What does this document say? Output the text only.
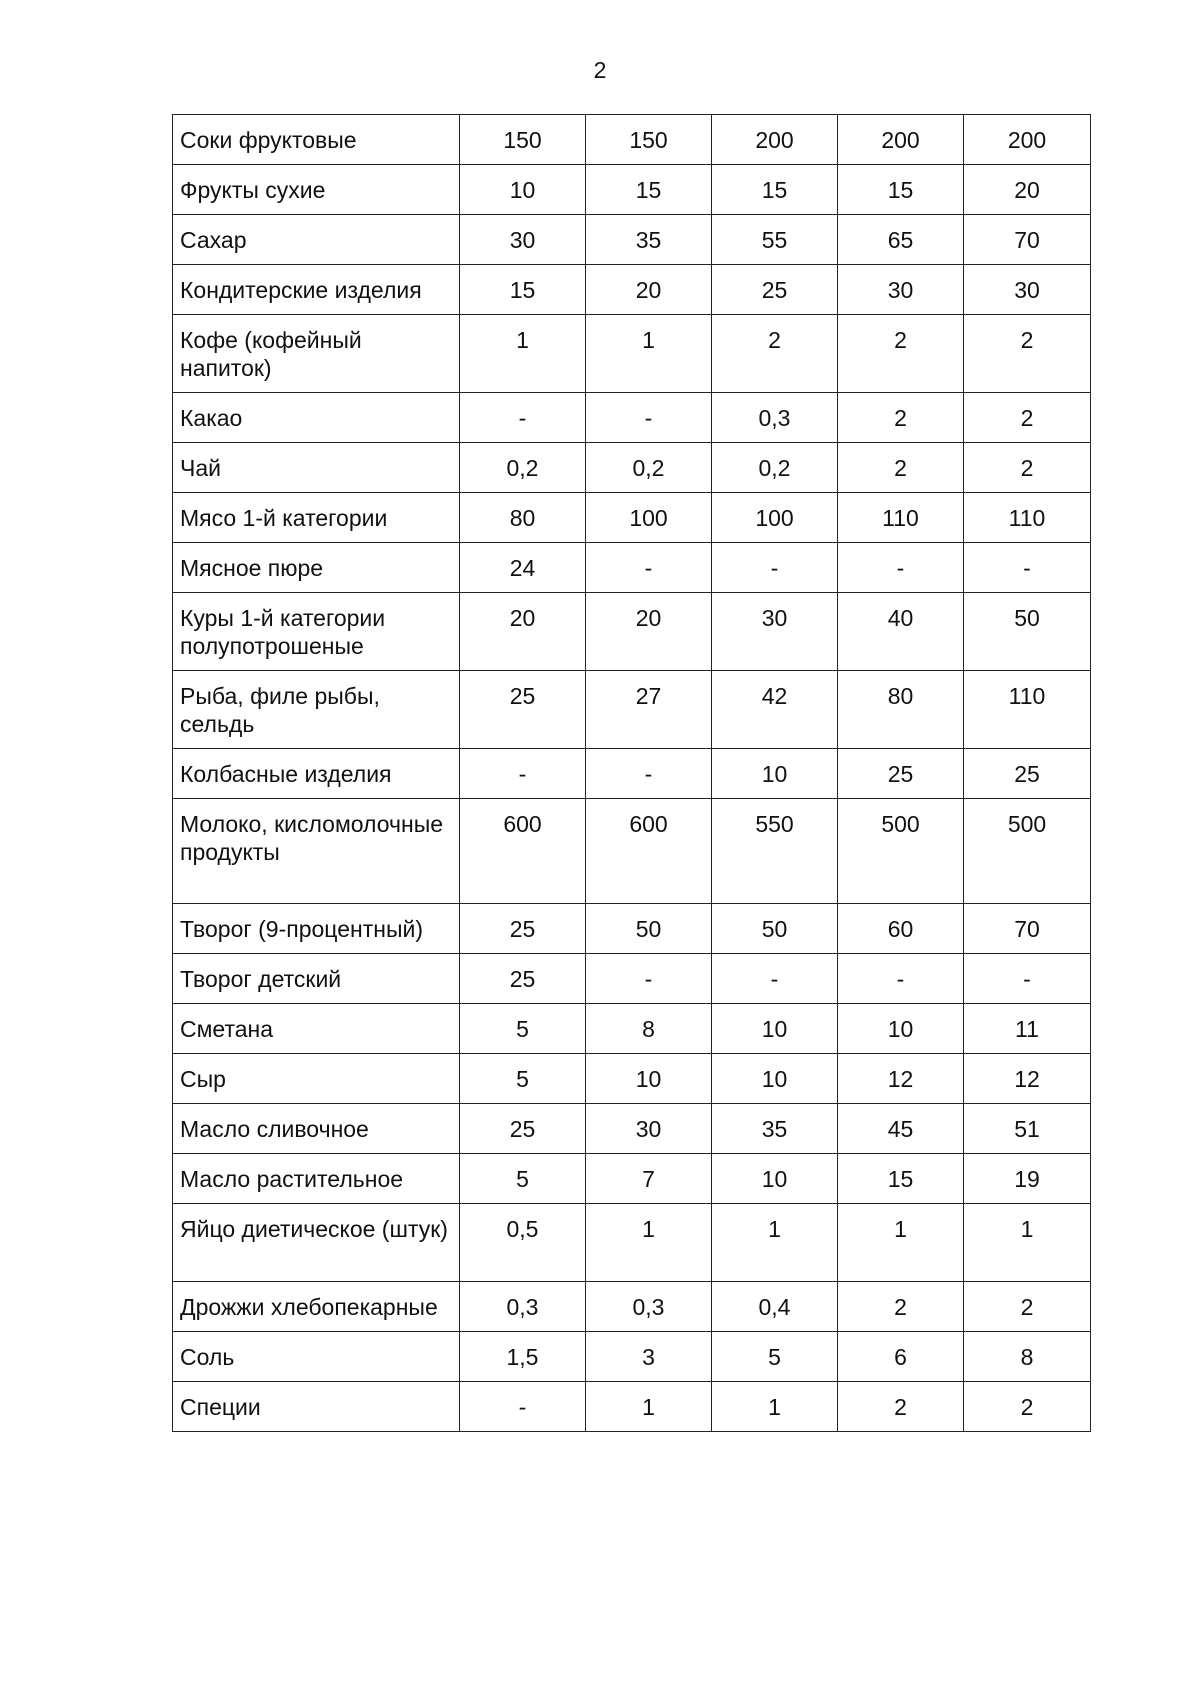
2
Соки фруктовые	150	150	200	200	200
Фрукты сухие	10	15	15	15	20
Сахар	30	35	55	65	70
Кондитерские изделия	15	20	25	30	30
Кофе (кофейный напиток)	1	1	2	2	2
Какао	-	-	0,3	2	2
Чай	0,2	0,2	0,2	2	2
Мясо 1-й категории	80	100	100	110	110
Мясное пюре	24	-	-	-	-
Куры 1-й категории полупотрошеные	20	20	30	40	50
Рыба, филе рыбы, сельдь	25	27	42	80	110
Колбасные изделия	-	-	10	25	25
Молоко, кисломолочные продукты	600	600	550	500	500
Творог (9-процентный)	25	50	50	60	70
Творог детский	25	-	-	-	-
Сметана	5	8	10	10	11
Сыр	5	10	10	12	12
Масло сливочное	25	30	35	45	51
Масло растительное	5	7	10	15	19
Яйцо диетическое (штук)	0,5	1	1	1	1
Дрожжи хлебопекарные	0,3	0,3	0,4	2	2
Соль	1,5	3	5	6	8
Специи	-	1	1	2	2
